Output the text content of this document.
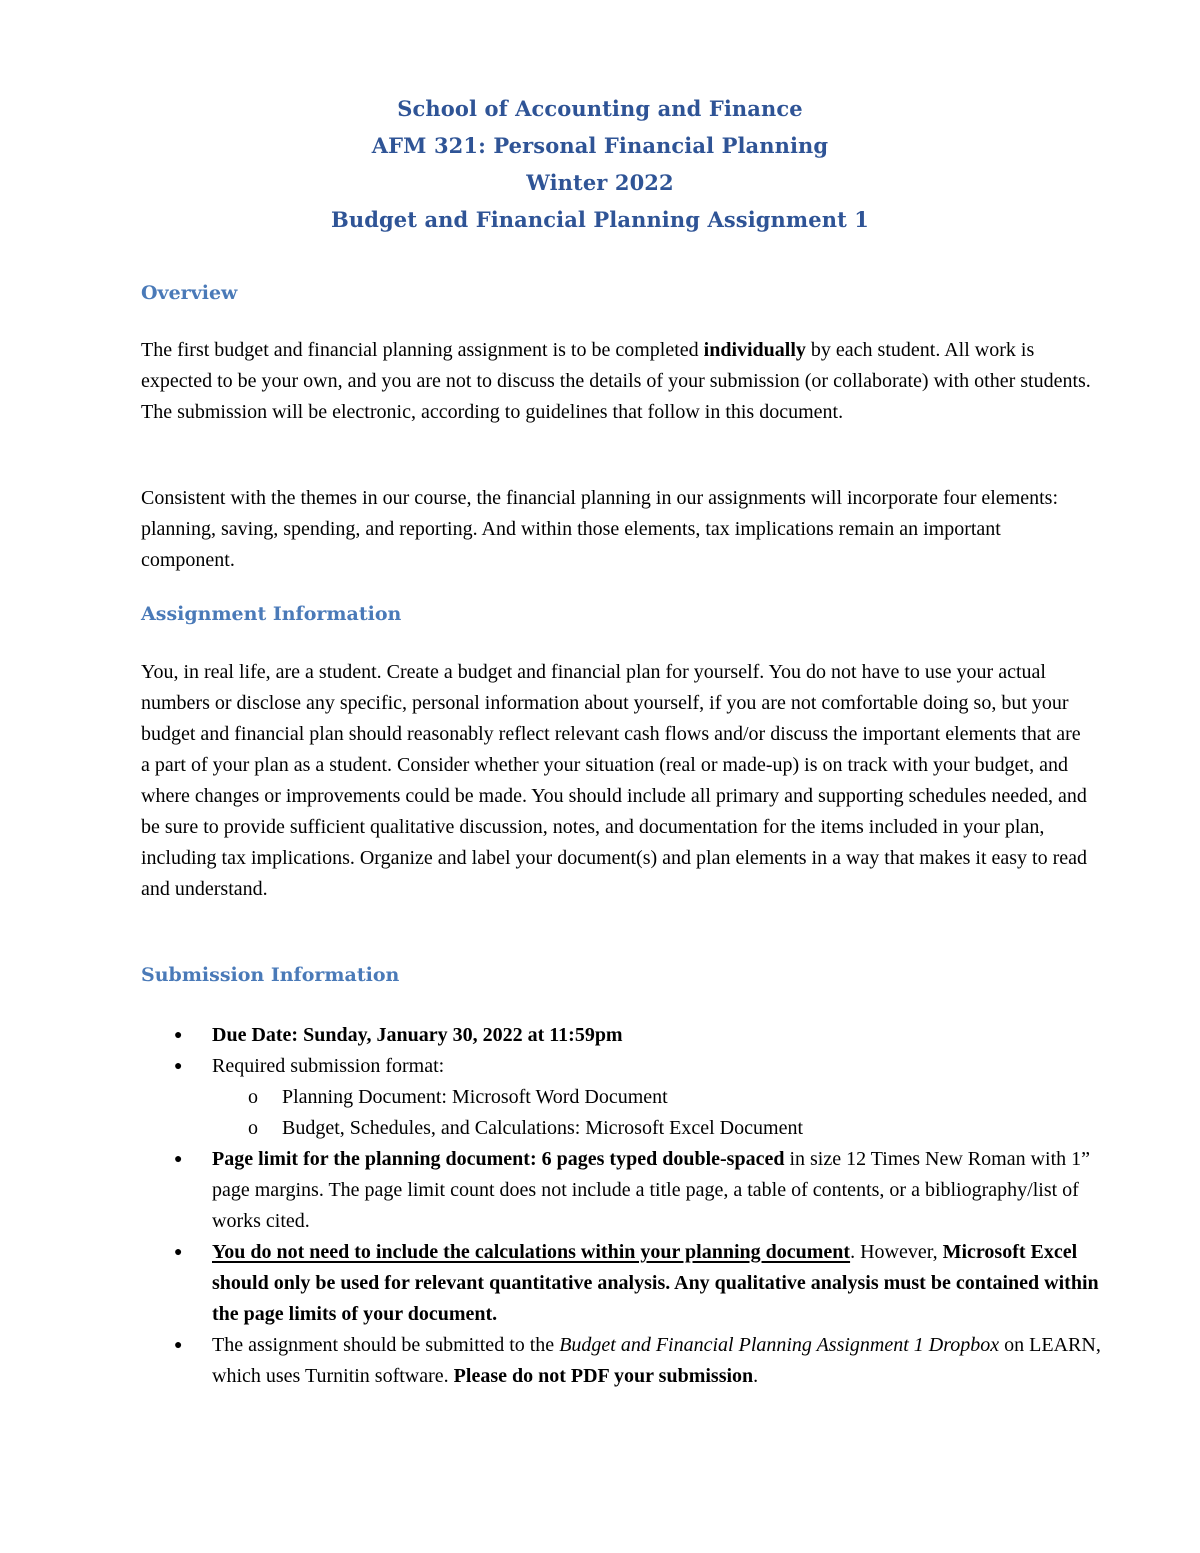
School of Accounting and Finance
AFM 321: Personal Financial Planning
Winter 2022
Budget and Financial Planning Assignment 1
Overview

The first budget and financial planning assignment is to be completed individually by each student. All work is expected to be your own, and you are not to discuss the details of your submission (or collaborate) with other students. The submission will be electronic, according to guidelines that follow in this document.

Consistent with the themes in our course, the financial planning in our assignments will incorporate four elements: planning, saving, spending, and reporting. And within those elements, tax implications remain an important component.

Assignment Information

You, in real life, are a student. Create a budget and financial plan for yourself. You do not have to use your actual numbers or disclose any specific, personal information about yourself, if you are not comfortable doing so, but your budget and financial plan should reasonably reflect relevant cash flows and/or discuss the important elements that are a part of your plan as a student. Consider whether your situation (real or made-up) is on track with your budget, and where changes or improvements could be made. You should include all primary and supporting schedules needed, and be sure to provide sufficient qualitative discussion, notes, and documentation for the items included in your plan, including tax implications. Organize and label your document(s) and plan elements in a way that makes it easy to read and understand.

Submission Information
● Due Date: Sunday, January 30, 2022 at 11:59pm
● Required submission format:
o Planning Document: Microsoft Word Document
o Budget, Schedules, and Calculations: Microsoft Excel Document
● Page limit for the planning document: 6 pages typed double-spaced in size 12 Times New Roman with 1” page margins. The page limit count does not include a title page, a table of contents, or a bibliography/list of works cited.
● You do not need to include the calculations within your planning document. However, Microsoft Excel should only be used for relevant quantitative analysis. Any qualitative analysis must be contained within the page limits of your document.
● The assignment should be submitted to the Budget and Financial Planning Assignment 1 Dropbox on LEARN, which uses Turnitin software. Please do not PDF your submission.
